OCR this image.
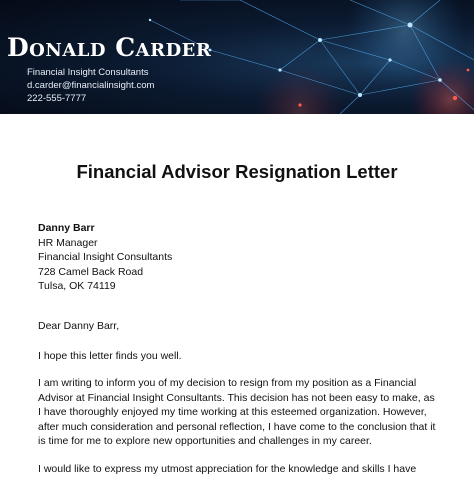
Donald Carder
Financial Insight Consultants
d.carder@financialinsight.com
222-555-7777
Financial Advisor Resignation Letter
Danny Barr
HR Manager
Financial Insight Consultants
728 Camel Back Road
Tulsa, OK 74119
Dear Danny Barr,
I hope this letter finds you well.
I am writing to inform you of my decision to resign from my position as a Financial Advisor at Financial Insight Consultants. This decision has not been easy to make, as I have thoroughly enjoyed my time working at this esteemed organization. However, after much consideration and personal reflection, I have come to the conclusion that it is time for me to explore new opportunities and challenges in my career.
I would like to express my utmost appreciation for the knowledge and skills I have
